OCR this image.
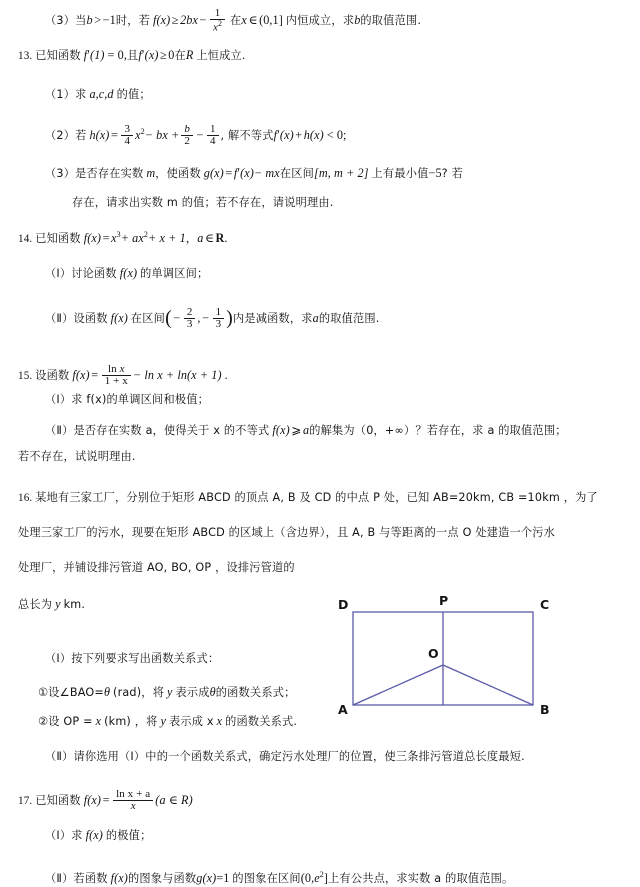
（3）当b > −1时，若 $f(x) \ge 2bx - \frac{1}{x^2}$ 在x ∈ (0,1] 内恒成立，求b的取值范围.
13. 已知函数 f′(1) = 0,且f′(x) ≥ 0在R 上恒成立.
（1）求 a,c,d 的值；
（2）若 $h(x) = \frac{3}{4} x^2-$ bx + $\frac{b}{2} - \frac{1}{4}$ , 解不等式f′(x) + h(x) < 0;
（3）是否存在实数 m，使函数 g(x) = f′(x)− mx在区间[m, m + 2] 上有最小值−5? 若
存在，请求出实数 m 的值；若不存在，请说明理由.
14. 已知函数 $f(x) = x^3+ ax^2+ x + 1$，a ∈ R.
（Ⅰ）讨论函数 f(x) 的单调区间；
（Ⅱ）设函数 f(x) 在区间( − $\frac{2}{3}$ , − $\frac{1}{3}$ )内是减函数，求a的取值范围.
15. 设函数 $f(x) = \frac{\text{ln x}}{1 + x} - \ln x + \ln(x + 1)$ .
（Ⅰ）求 f(x)的单调区间和极值；
（Ⅱ）是否存在实数 a，使得关于 x 的不等式 f(x) ⩾ a的解集为（0，+∞）？若存在，求 a 的取值范围；
若不存在，试说明理由.
16. 某地有三家工厂，分别位于矩形 ABCD 的顶点 A, B 及 CD 的中点 P 处，已知 AB=20km, CB =10km ，为了
处理三家工厂的污水，现要在矩形 ABCD 的区域上（含边界），且 A, B 与等距离的一点 O 处建造一个污水
处理厂，并铺设排污管道 AO, BO, OP ，设排污管道的
总长为 y km.
（Ⅰ）按下列要求写出函数关系式：
①设∠BAO=θ (rad)，将 y 表示成θ的函数关系式；
②设 OP = x (km) ，将 y 表示成 x x 的函数关系式.
（Ⅱ）请你选用（Ⅰ）中的一个函数关系式，确定污水处理厂的位置，使三条排污管道总长度最短.
D	P	C
O
A	B
17. 已知函数 $f(x) = \frac{\text{ln x + a}}{x} (a$ ∈ R)
（Ⅰ）求 f(x) 的极值；
（Ⅱ）若函数 f(x)的图象与函数g(x)=1 的图象在区间$(0,e^2]$上有公共点，求实数 a 的取值范围。
